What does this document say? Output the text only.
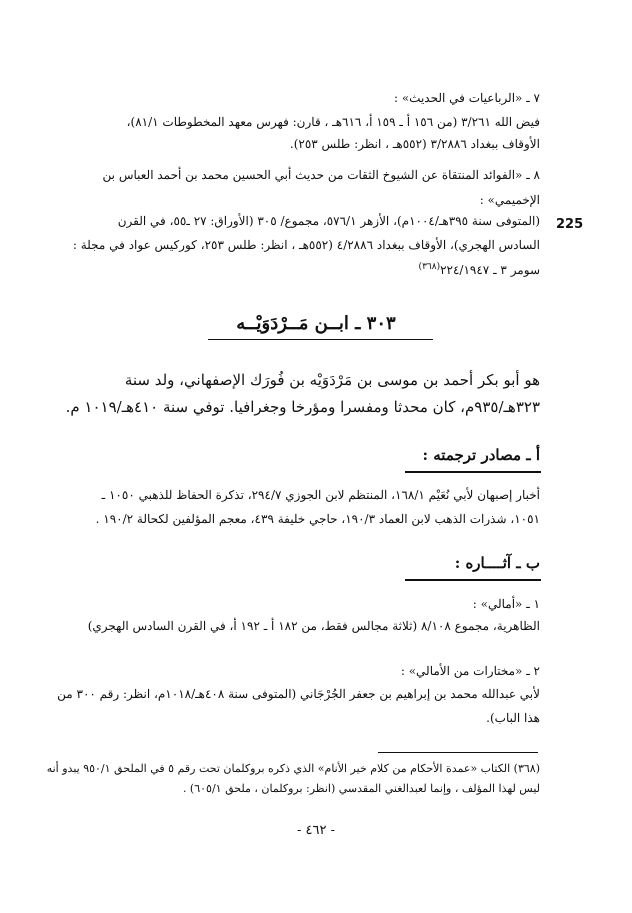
٧ ـ «الرباعيات في الحديث» :
فيض الله ٣/٢٦١ (من ١٥٦ أ ـ ١٥٩ أ، ٦١٦هـ ، قارن: فهرس معهد المخطوطات ٨١/١)،
الأوقاف ببغداد ٣/٢٨٨٦ (٥٥٢هـ ، انظر: طلس ٢٥٣).
٨ ـ «الفوائد المنتقاة عن الشيوخ الثقات من حديث أبي الحسين محمد بن أحمد العباس بن
الإخميمي» :
(المتوفى سنة ٣٩٥هـ/١٠٠٤م)، الأزهر ٥٧٦/١، مجموع/ ٣٠٥ (الأوراق: ٢٧ ـ٥٥، في القرن
السادس الهجري)، الأوقاف ببغداد ٤/٢٨٨٦ (٥٥٢هـ ، انظر: طلس ٢٥٣، كوركيس عواد في مجلة :
سومر ٣ ـ ٢٢٤/١٩٤٧$^{(٣٦٨)}$
225
٣٠٣ ـ ابــن مَــرْدَوَيْــه
هو أبو بكر أحمد بن موسى بن مَرْدَوَيْه بن فُورَك الإصفهاني، ولد سنة
٣٢٣هـ/٩٣٥م، كان محدثا ومفسرا ومؤرخا وجغرافيا. توفي سنة ٤١٠هـ/١٠١٩ م.
أ ـ مصادر ترجمته :
أخبار إصبهان لأبي نُعَيْم ١٦٨/١، المنتظم لابن الجوزي ٢٩٤/٧، تذكرة الحفاظ للذهبي ١٠٥٠ ـ
١٠٥١، شذرات الذهب لابن العماد ١٩٠/٣، حاجي خليفة ٤٣٩، معجم المؤلفين لكحالة ١٩٠/٢ .
ب ـ آثــــاره :
١ ـ «أمالي» :
الظاهرية، مجموع ٨/١٠٨ (ثلاثة مجالس فقط، من ١٨٢ أ ـ ١٩٢ أ، في القرن السادس الهجري)
٢ ـ «مختارات من الأمالي» :
لأبي عبدالله محمد بن إبراهيم بن جعفر الجُرْجَاني (المتوفى سنة ٤٠٨هـ/١٠١٨م، انظر: رقم ٣٠٠ من
هذا الباب).
(٣٦٨) الكتاب «عمدة الأحكام من كلام خير الأنام» الذي ذكره بروكلمان تحت رقم ٥ في الملحق ٩٥٠/١ يبدو أنه
ليس لهذا المؤلف ، وإنما لعبدالغني المقدسي (انظر: بروكلمان ، ملحق ٦٠٥/١) .
- ٤٦٢ -
